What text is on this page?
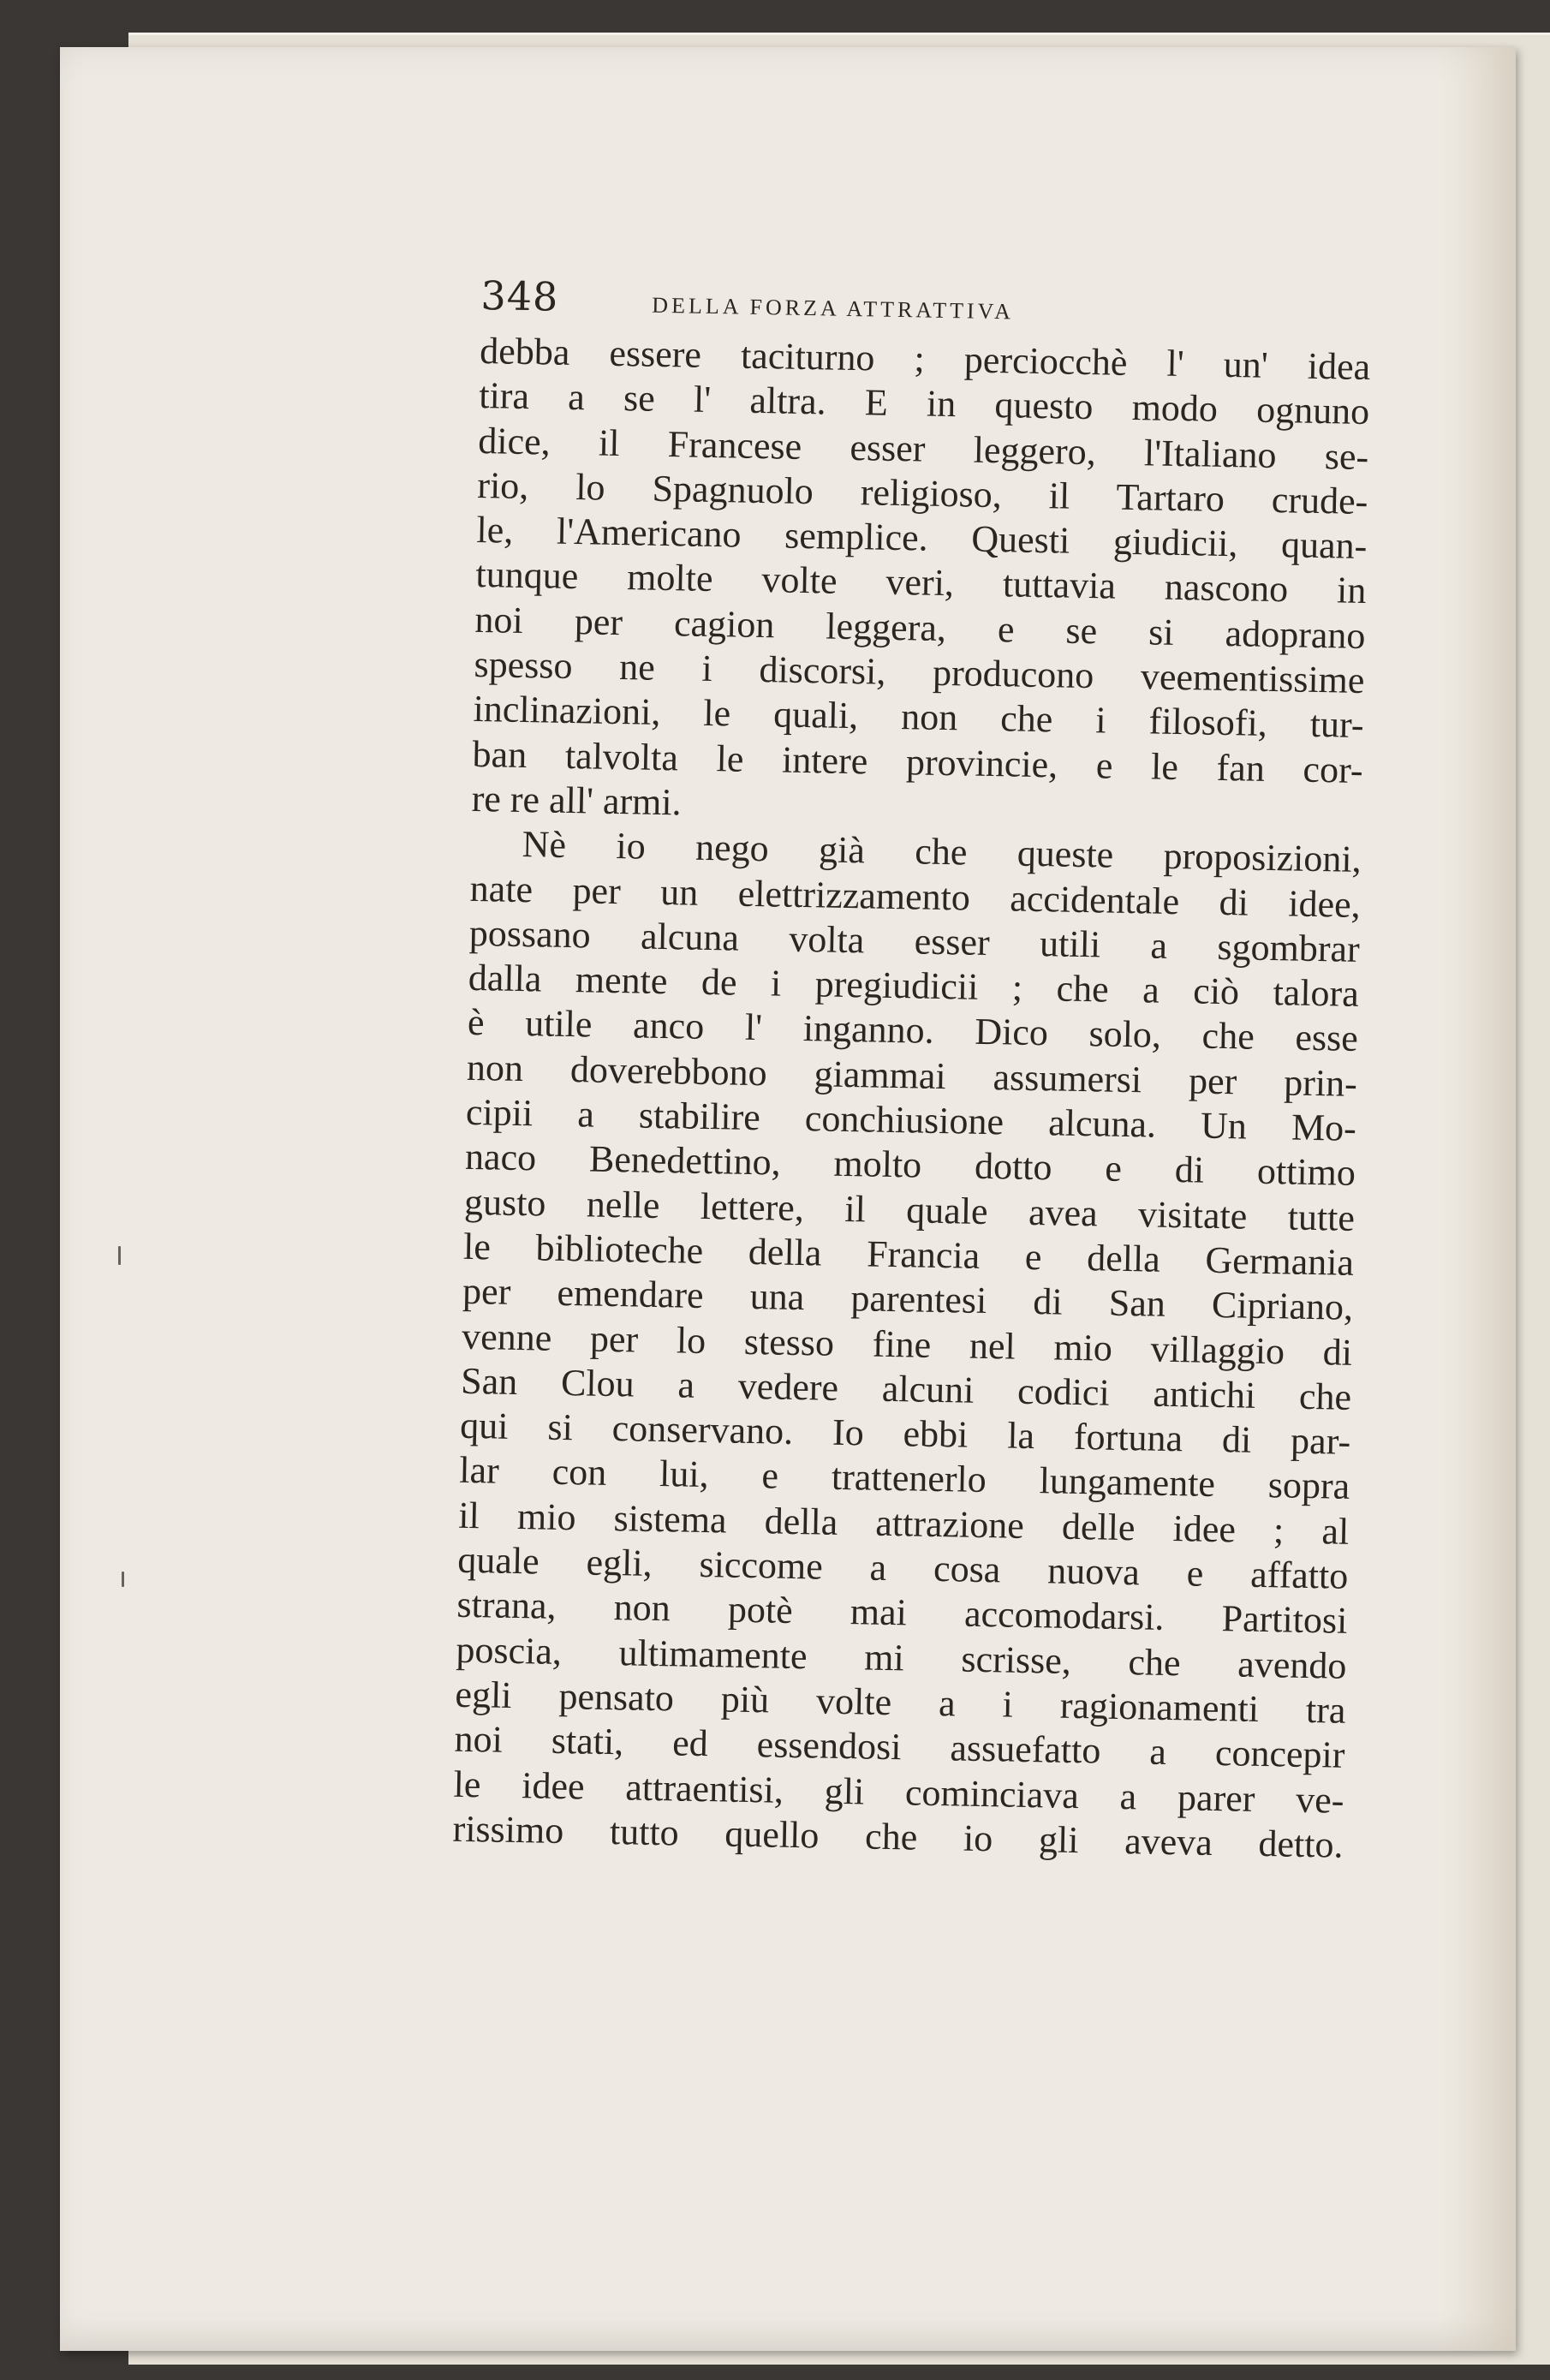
348	DELLA FORZA ATTRATTIVA
debba essere taciturno ; perciocchè l' un' idea
tira a se l' altra. E in questo modo ognuno
dice, il Francese esser leggero, l'Italiano se-
rio, lo Spagnuolo religioso, il Tartaro crude-
le, l'Americano semplice. Questi giudicii, quan-
tunque molte volte veri, tuttavia nascono in
noi per cagion leggera, e se si adoprano
spesso ne i discorsi, producono veementissime
inclinazioni, le quali, non che i filosofi, tur-
ban talvolta le intere provincie, e le fan cor-
re re all' armi.
Nè io nego già che queste proposizioni,
nate per un elettrizzamento accidentale di idee,
possano alcuna volta esser utili a sgombrar
dalla mente de i pregiudicii ; che a ciò talora
è utile anco l' inganno. Dico solo, che esse
non doverebbono giammai assumersi per prin-
cipii a stabilire conchiusione alcuna. Un Mo-
naco Benedettino, molto dotto e di ottimo
gusto nelle lettere, il quale avea visitate tutte
le biblioteche della Francia e della Germania
per emendare una parentesi di San Cipriano,
venne per lo stesso fine nel mio villaggio di
San Clou a vedere alcuni codici antichi che
qui si conservano. Io ebbi la fortuna di par-
lar con lui, e trattenerlo lungamente sopra
il mio sistema della attrazione delle idee ; al
quale egli, siccome a cosa nuova e affatto
strana, non potè mai accomodarsi. Partitosi
poscia, ultimamente mi scrisse, che avendo
egli pensato più volte a i ragionamenti tra
noi stati, ed essendosi assuefatto a concepir
le idee attraentisi, gli cominciava a parer ve-
rissimo tutto quello che io gli aveva detto.
